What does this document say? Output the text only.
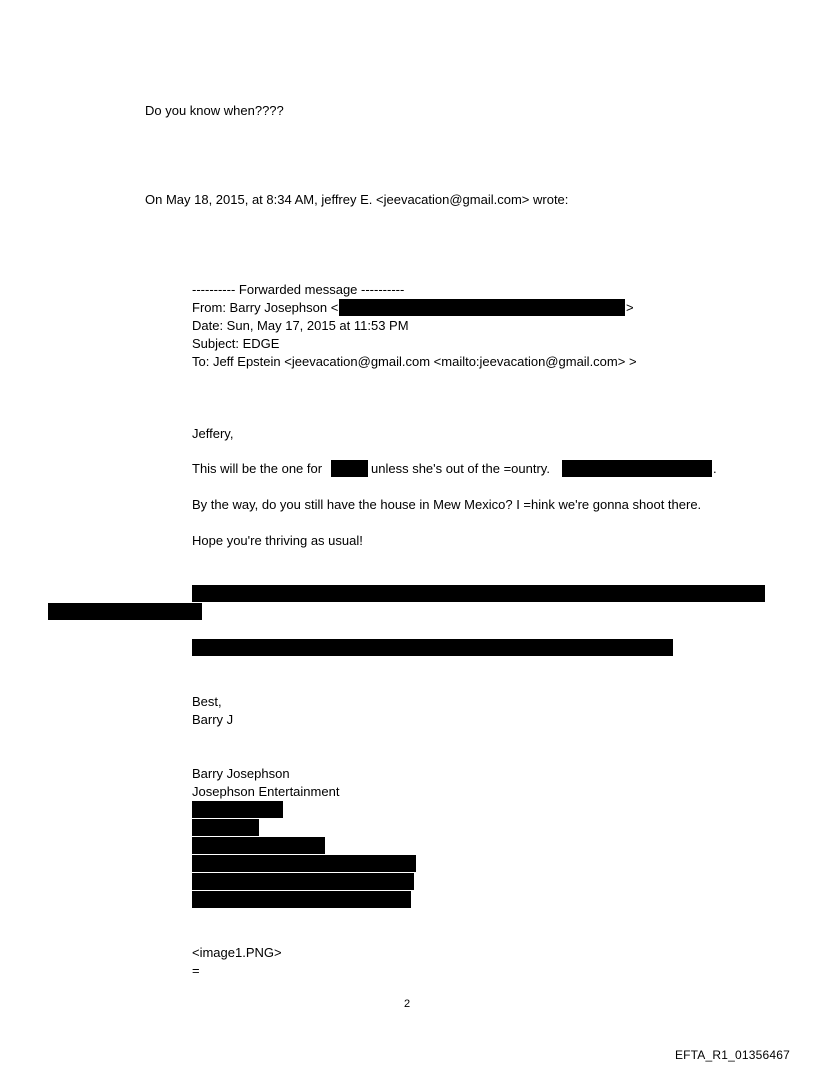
Do you know when????
On May 18, 2015, at 8:34 AM, jeffrey E. <jeevacation@gmail.com> wrote:
---------- Forwarded message ----------
From: Barry Josephson <	>
Date: Sun, May 17, 2015 at 11:53 PM
Subject: EDGE
To: Jeff Epstein <jeevacation@gmail.com <mailto:jeevacation@gmail.com> >
Jeffery,
This will be the one for	unless she's out of the =ountry.	.
By the way, do you still have the house in Mew Mexico? I =hink we're gonna shoot there.
Hope you're thriving as usual!
Best,
Barry J
Barry Josephson
Josephson Entertainment
<image1.PNG>
=
2
EFTA_R1_01356467
